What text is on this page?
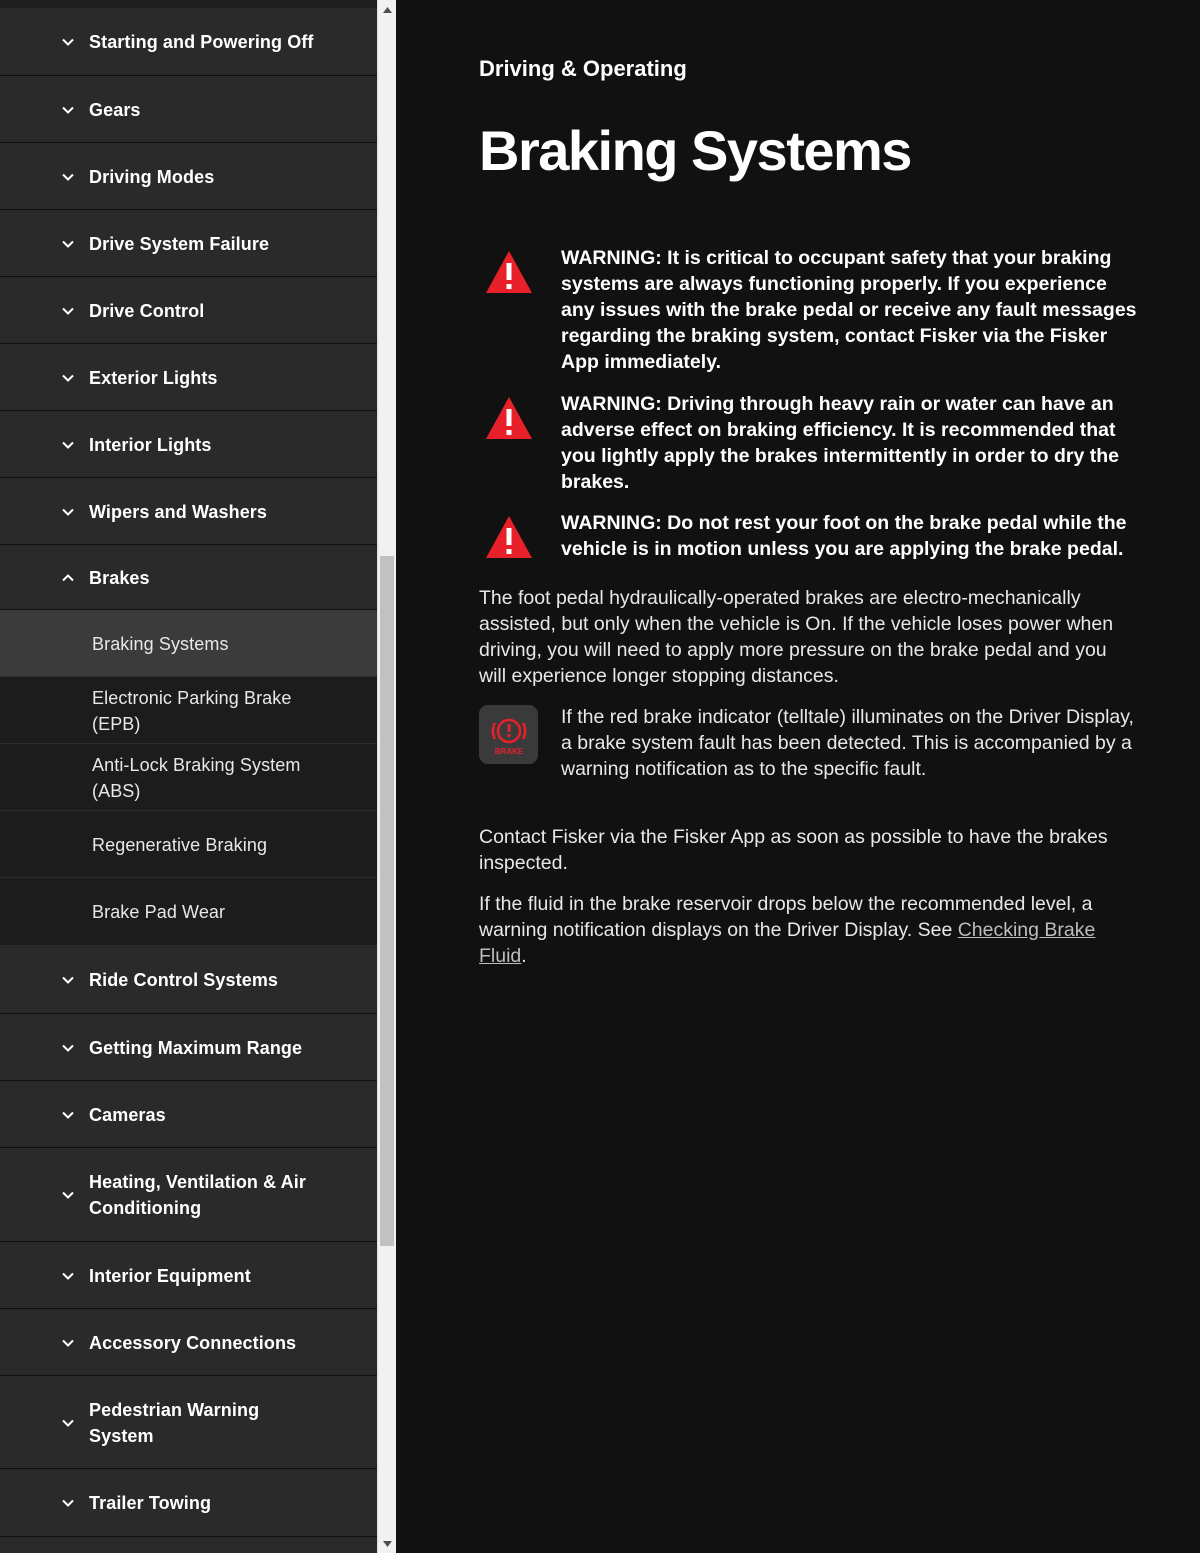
Starting and Powering Off
Gears
Driving Modes
Drive System Failure
Drive Control
Exterior Lights
Interior Lights
Wipers and Washers
Brakes
Braking Systems
Electronic Parking Brake (EPB)
Anti-Lock Braking System (ABS)
Regenerative Braking
Brake Pad Wear
Ride Control Systems
Getting Maximum Range
Cameras
Heating, Ventilation & Air Conditioning
Interior Equipment
Accessory Connections
Pedestrian Warning System
Trailer Towing
Driving & Operating
Braking Systems
WARNING: It is critical to occupant safety that your braking systems are always functioning properly. If you experience any issues with the brake pedal or receive any fault messages regarding the braking system, contact Fisker via the Fisker App immediately.
WARNING: Driving through heavy rain or water can have an adverse effect on braking efficiency. It is recommended that you lightly apply the brakes intermittently in order to dry the brakes.
WARNING: Do not rest your foot on the brake pedal while the vehicle is in motion unless you are applying the brake pedal.

The foot pedal hydraulically-operated brakes are electro-mechanically assisted, but only when the vehicle is On. If the vehicle loses power when driving, you will need to apply more pressure on the brake pedal and you will experience longer stopping distances.

BRAKE
If the red brake indicator (telltale) illuminates on the Driver Display, a brake system fault has been detected. This is accompanied by a warning notification as to the specific fault.

Contact Fisker via the Fisker App as soon as possible to have the brakes inspected.

If the fluid in the brake reservoir drops below the recommended level, a warning notification displays on the Driver Display. See Checking Brake Fluid.
